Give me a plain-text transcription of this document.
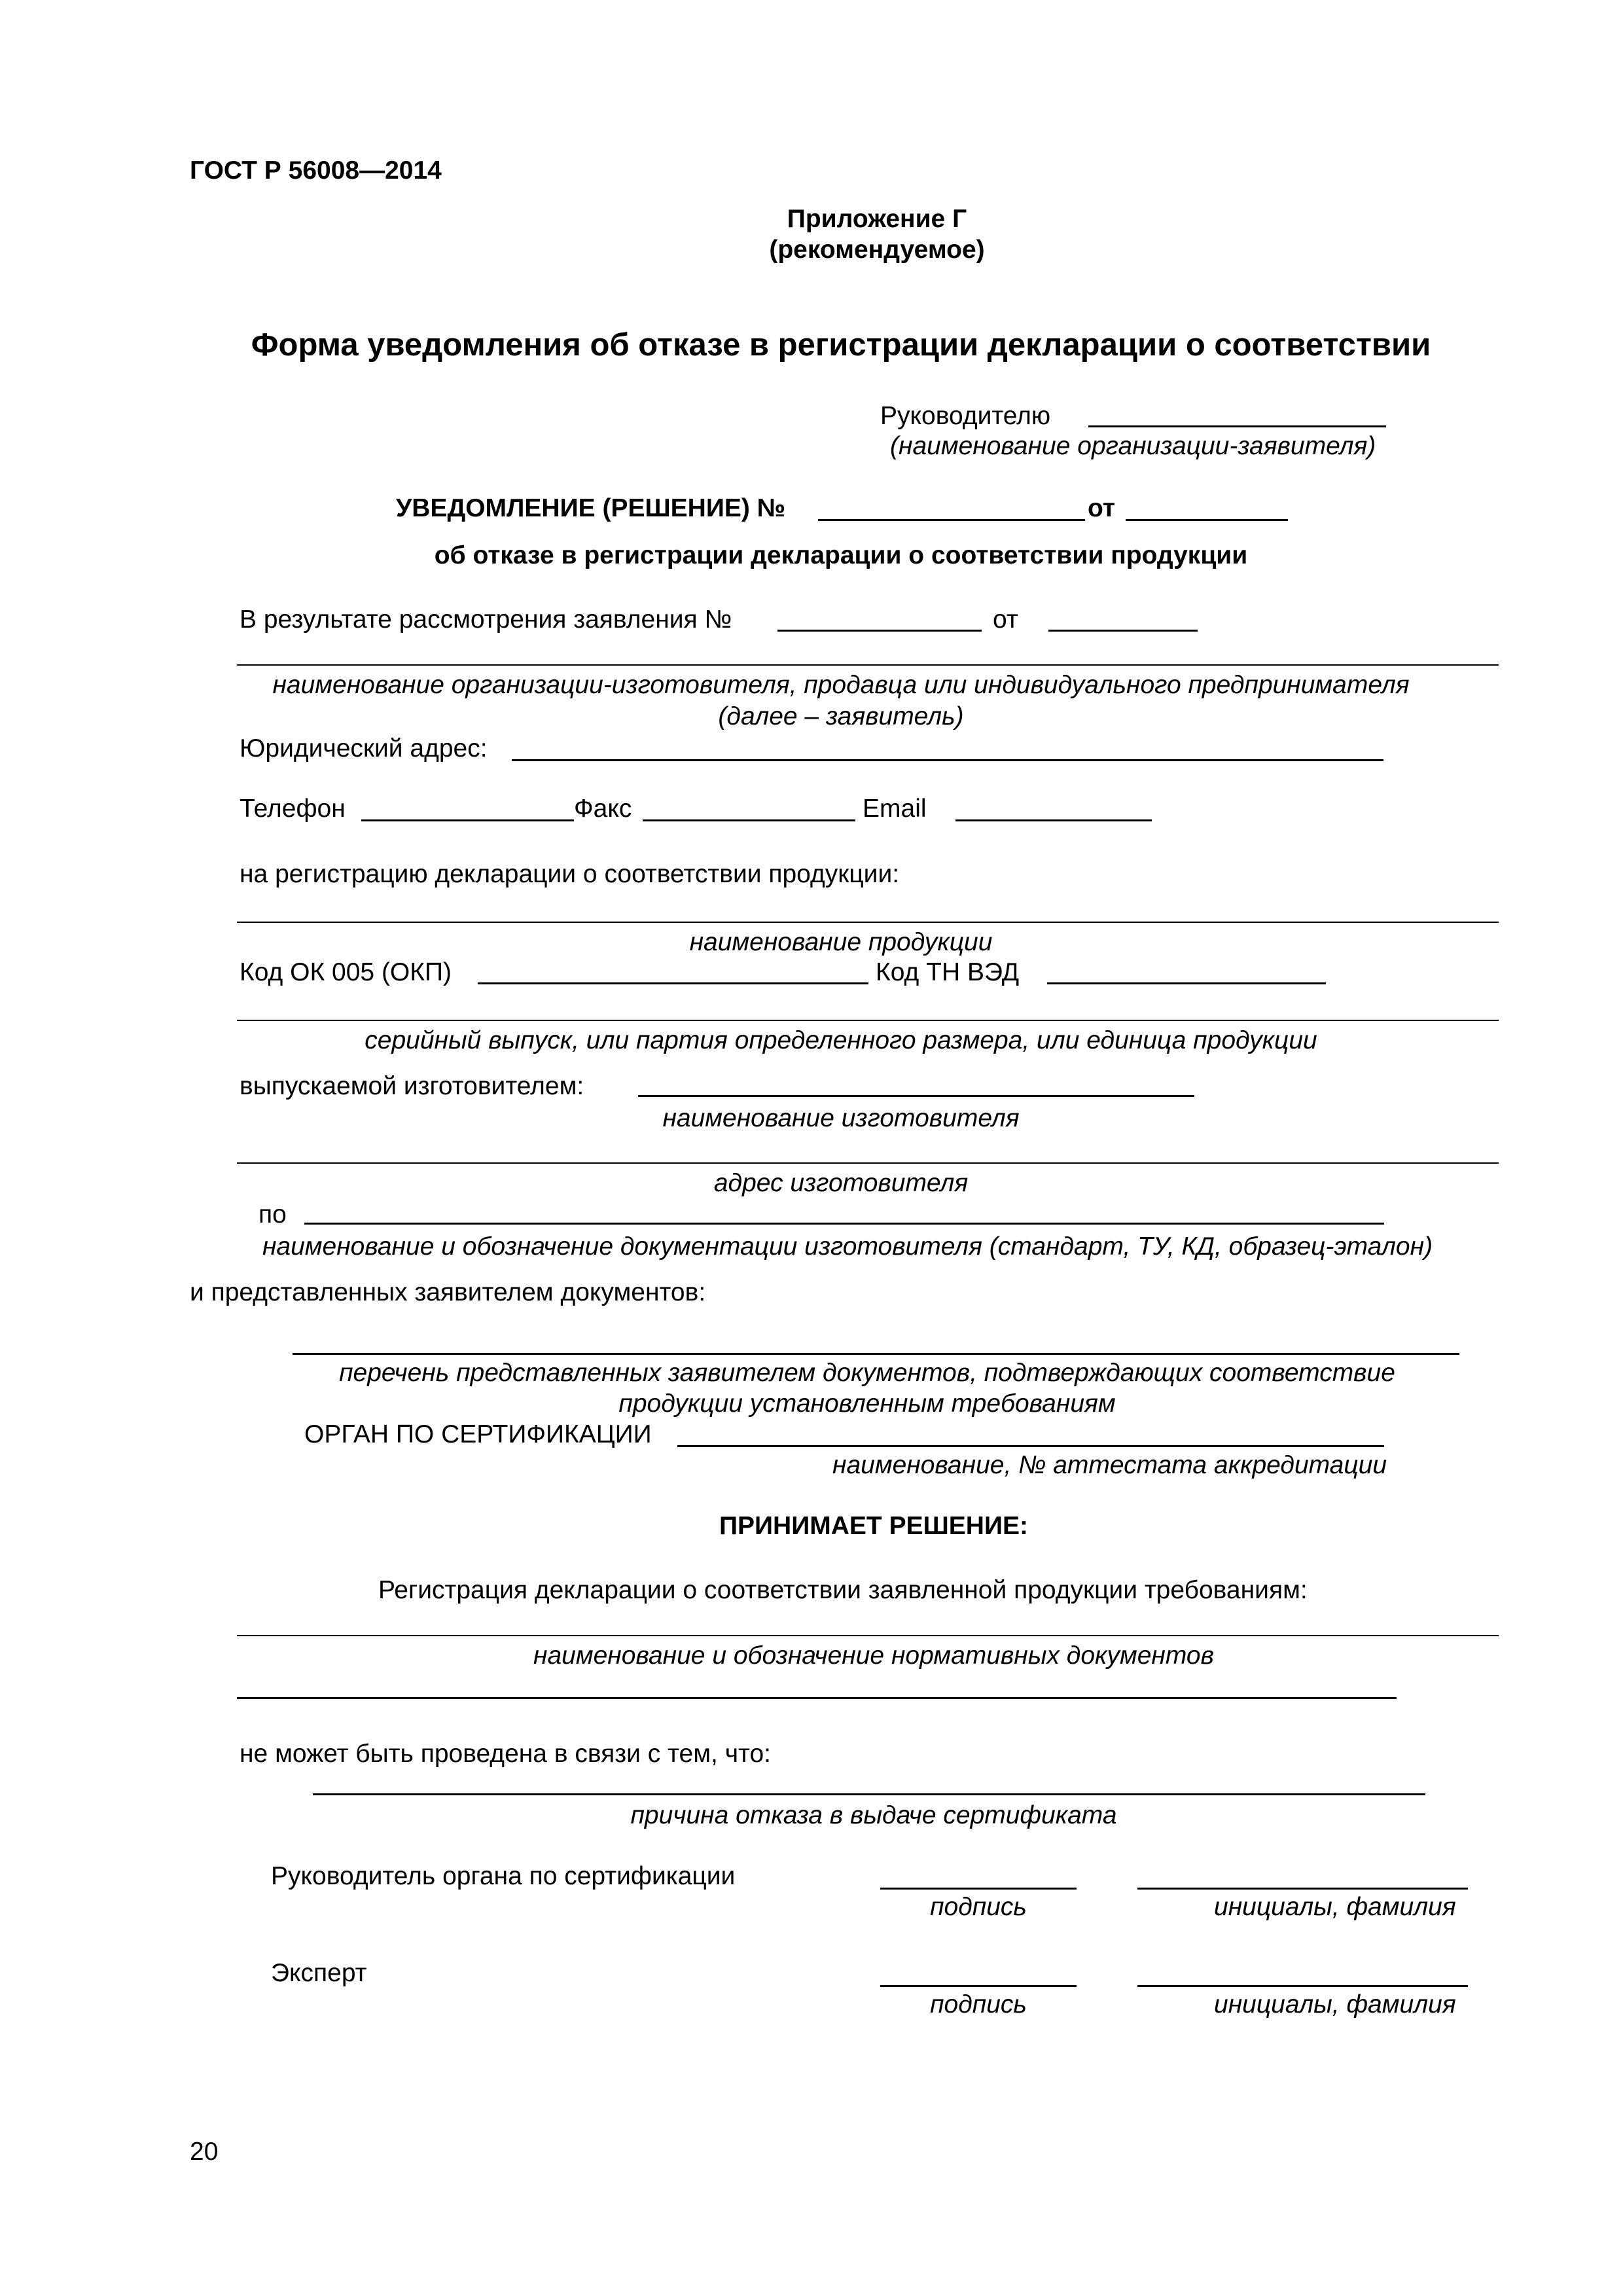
ГОСТ Р 56008—2014
Приложение Г
(рекомендуемое)
Форма уведомления об отказе в регистрации декларации о соответствии
Руководителю
(наименование организации-заявителя)
УВЕДОМЛЕНИЕ (РЕШЕНИЕ) №	от
об отказе в регистрации декларации о соответствии продукции
В результате рассмотрения заявления №	от
наименование организации-изготовителя, продавца или индивидуального предпринимателя
(далее – заявитель)
Юридический адрес:
Телефон	Факс	Email
на регистрацию декларации о соответствии продукции:
наименование продукции
Код ОК 005 (ОКП)	Код ТН ВЭД
серийный выпуск, или партия определенного размера, или единица продукции
выпускаемой изготовителем:
наименование изготовителя
адрес изготовителя
по
наименование и обозначение документации изготовителя (стандарт, ТУ, КД, образец-эталон)
и представленных заявителем документов:
перечень представленных заявителем документов, подтверждающих соответствие
продукции установленным требованиям
ОРГАН ПО СЕРТИФИКАЦИИ
наименование, № аттестата аккредитации
ПРИНИМАЕТ РЕШЕНИЕ:
Регистрация декларации о соответствии заявленной продукции требованиям:
наименование и обозначение нормативных документов
не может быть проведена в связи с тем, что:
причина отказа в выдаче сертификата
Руководитель органа по сертификации
подпись	инициалы, фамилия
Эксперт
подпись	инициалы, фамилия
20
